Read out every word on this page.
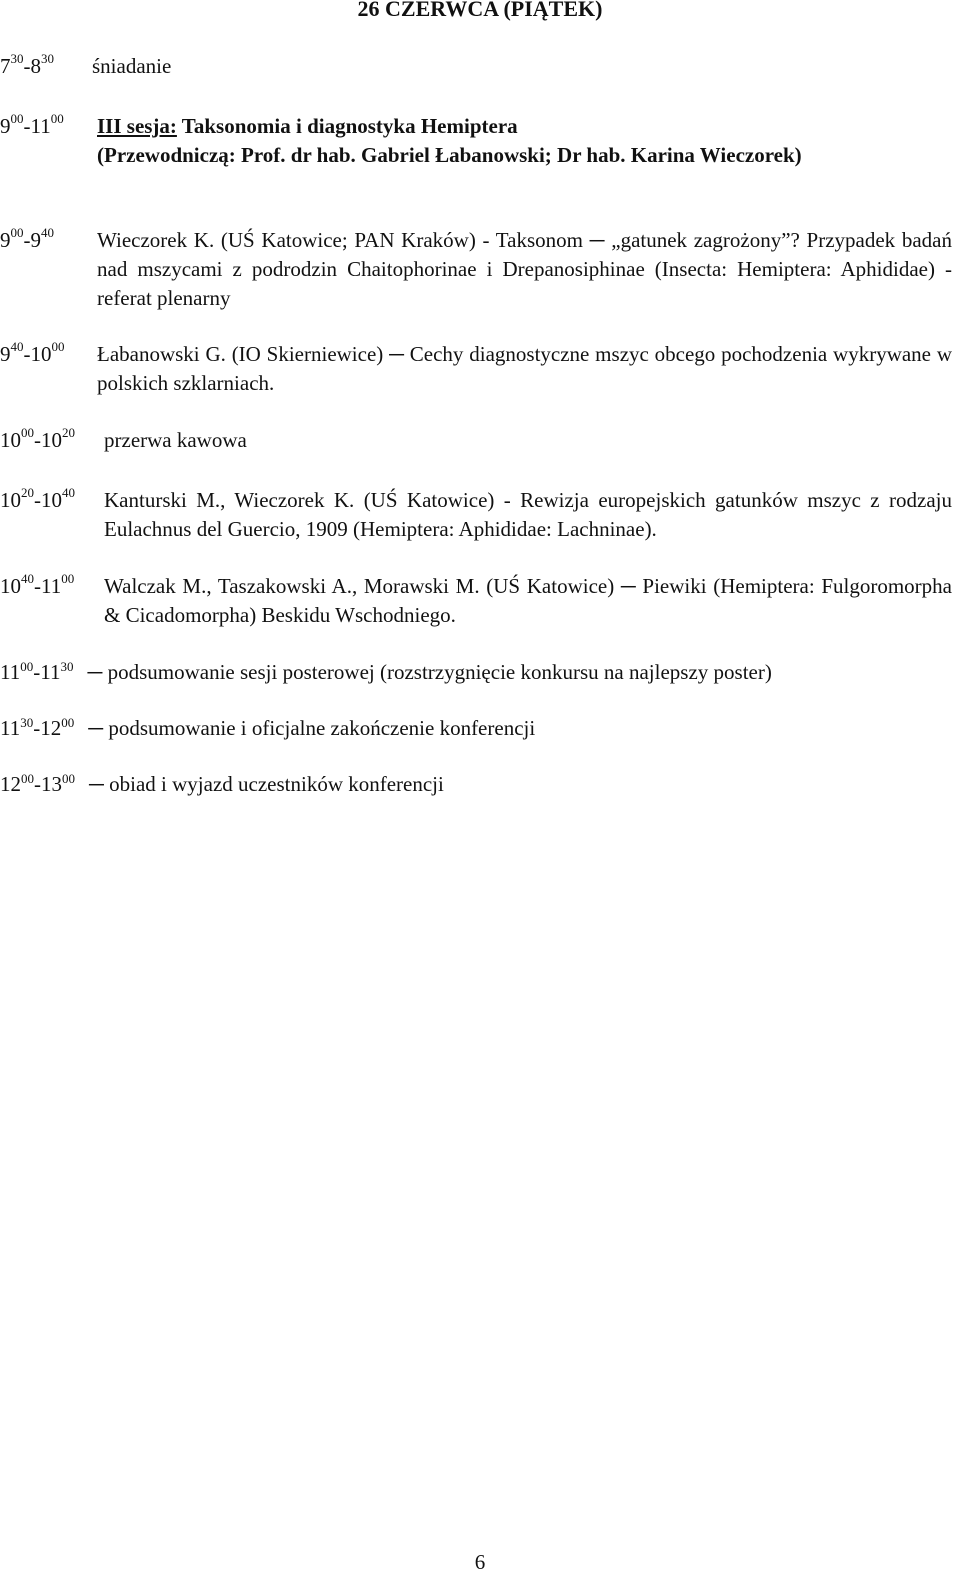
26 CZERWCA (PIĄTEK)
$7^{30}-8^{30}$ śniadanie
$9^{00}-11^{00}$ III sesja: Taksonomia i diagnostyka Hemiptera
(Przewodniczą: Prof. dr hab. Gabriel Łabanowski; Dr hab. Karina Wieczorek)
$9^{00}-9^{40}$ Wieczorek K. (UŚ Katowice; PAN Kraków) - Taksonom ─ „gatunek zagrożony”? Przypadek badań nad mszycami z podrodzin Chaitophorinae i Drepanosiphinae (Insecta: Hemiptera: Aphididae) - referat plenarny
$9^{40}-10^{00}$ Łabanowski G. (IO Skierniewice) ─ Cechy diagnostyczne mszyc obcego pochodzenia wykrywane w polskich szklarniach.
$10^{00}-10^{20}$ przerwa kawowa
$10^{20}-10^{40}$ Kanturski M., Wieczorek K. (UŚ Katowice) - Rewizja europejskich gatunków mszyc z rodzaju Eulachnus del Guercio, 1909 (Hemiptera: Aphididae: Lachninae).
$10^{40}-11^{00}$ Walczak M., Taszakowski A., Morawski M. (UŚ Katowice) ─ Piewiki (Hemiptera: Fulgoromorpha & Cicadomorpha) Beskidu Wschodniego.
$11^{00}-11^{30}$ ─ podsumowanie sesji posterowej (rozstrzygnięcie konkursu na najlepszy poster)
$11^{30}-12^{00}$ ─ podsumowanie i oficjalne zakończenie konferencji
$12^{00}-13^{00}$ ─ obiad i wyjazd uczestników konferencji
6
